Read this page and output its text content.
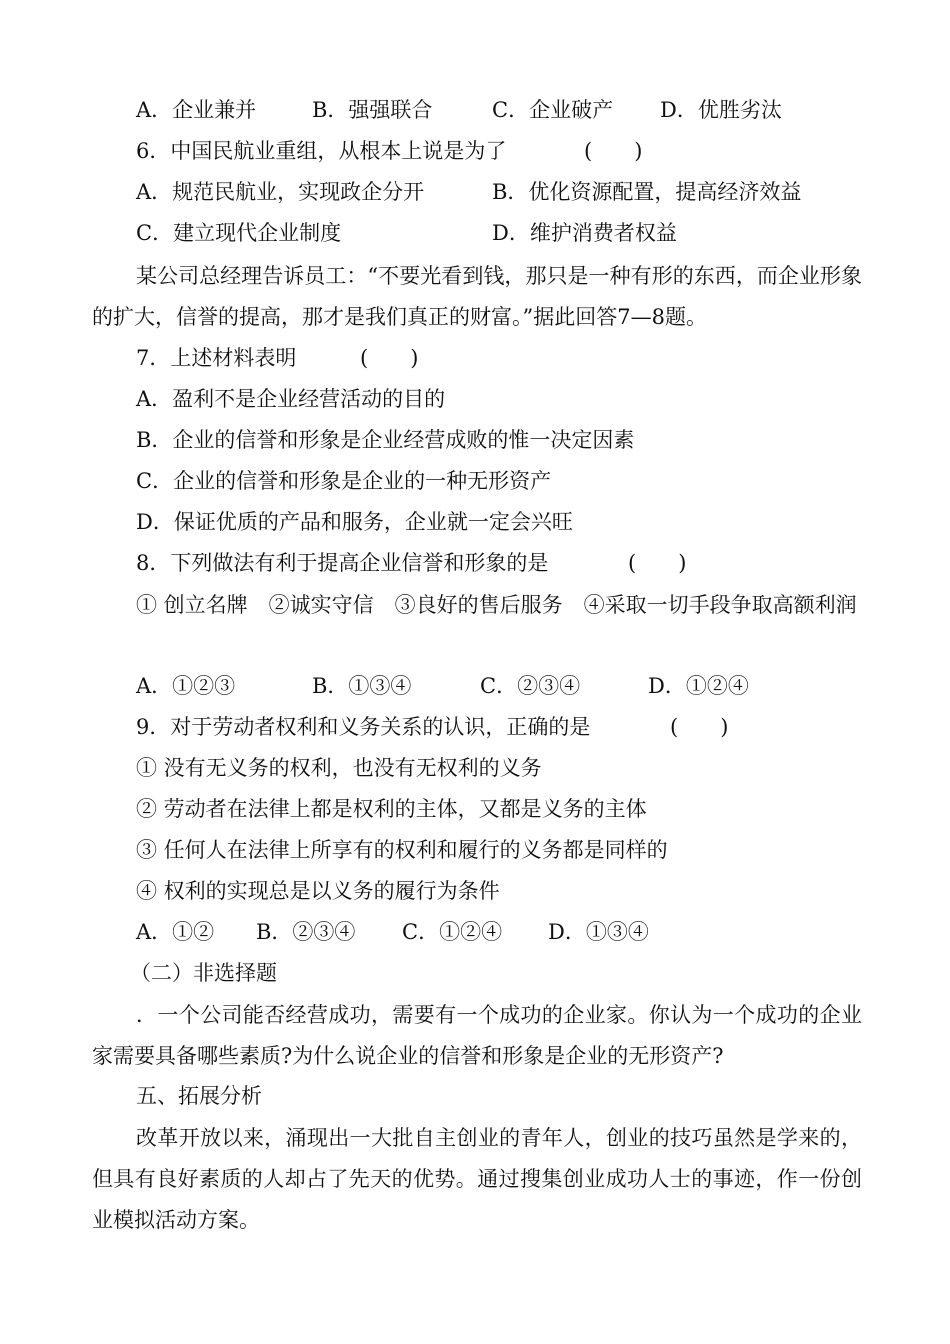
A．企业兼并	B．强强联合	C．企业破产 D．优胜劣汰
6．中国民航业重组，从根本上说是为了	(　　)
A．规范民航业，实现政企分开	B．优化资源配置，提高经济效益
C．建立现代企业制度	D．维护消费者权益
某公司总经理告诉员工：“不要光看到钱，那只是一种有形的东西，而企业形象的扩大，信誉的提高，那才是我们真正的财富。”据此回答7—8题。
7．上述材料表明	(　　)
A．盈利不是企业经营活动的目的
B．企业的信誉和形象是企业经营成败的惟一决定因素
C．企业的信誉和形象是企业的一种无形资产
D．保证优质的产品和服务，企业就一定会兴旺
8．下列做法有利于提高企业信誉和形象的是	(　　)
① 创立名牌　②诚实守信　③良好的售后服务　④采取一切手段争取高额利润
A．①②③	B．①③④	C．②③④	D．①②④
9．对于劳动者权利和义务关系的认识，正确的是	(　　)
① 没有无义务的权利，也没有无权利的义务
② 劳动者在法律上都是权利的主体，又都是义务的主体
③ 任何人在法律上所享有的权利和履行的义务都是同样的
④ 权利的实现总是以义务的履行为条件
A．①② B．②③④ C．①②④ D．①③④
（二）非选择题
．一个公司能否经营成功，需要有一个成功的企业家。你认为一个成功的企业家需要具备哪些素质?为什么说企业的信誉和形象是企业的无形资产?
五、拓展分析
改革开放以来，涌现出一大批自主创业的青年人，创业的技巧虽然是学来的，但具有良好素质的人却占了先天的优势。通过搜集创业成功人士的事迹，作一份创业模拟活动方案。
